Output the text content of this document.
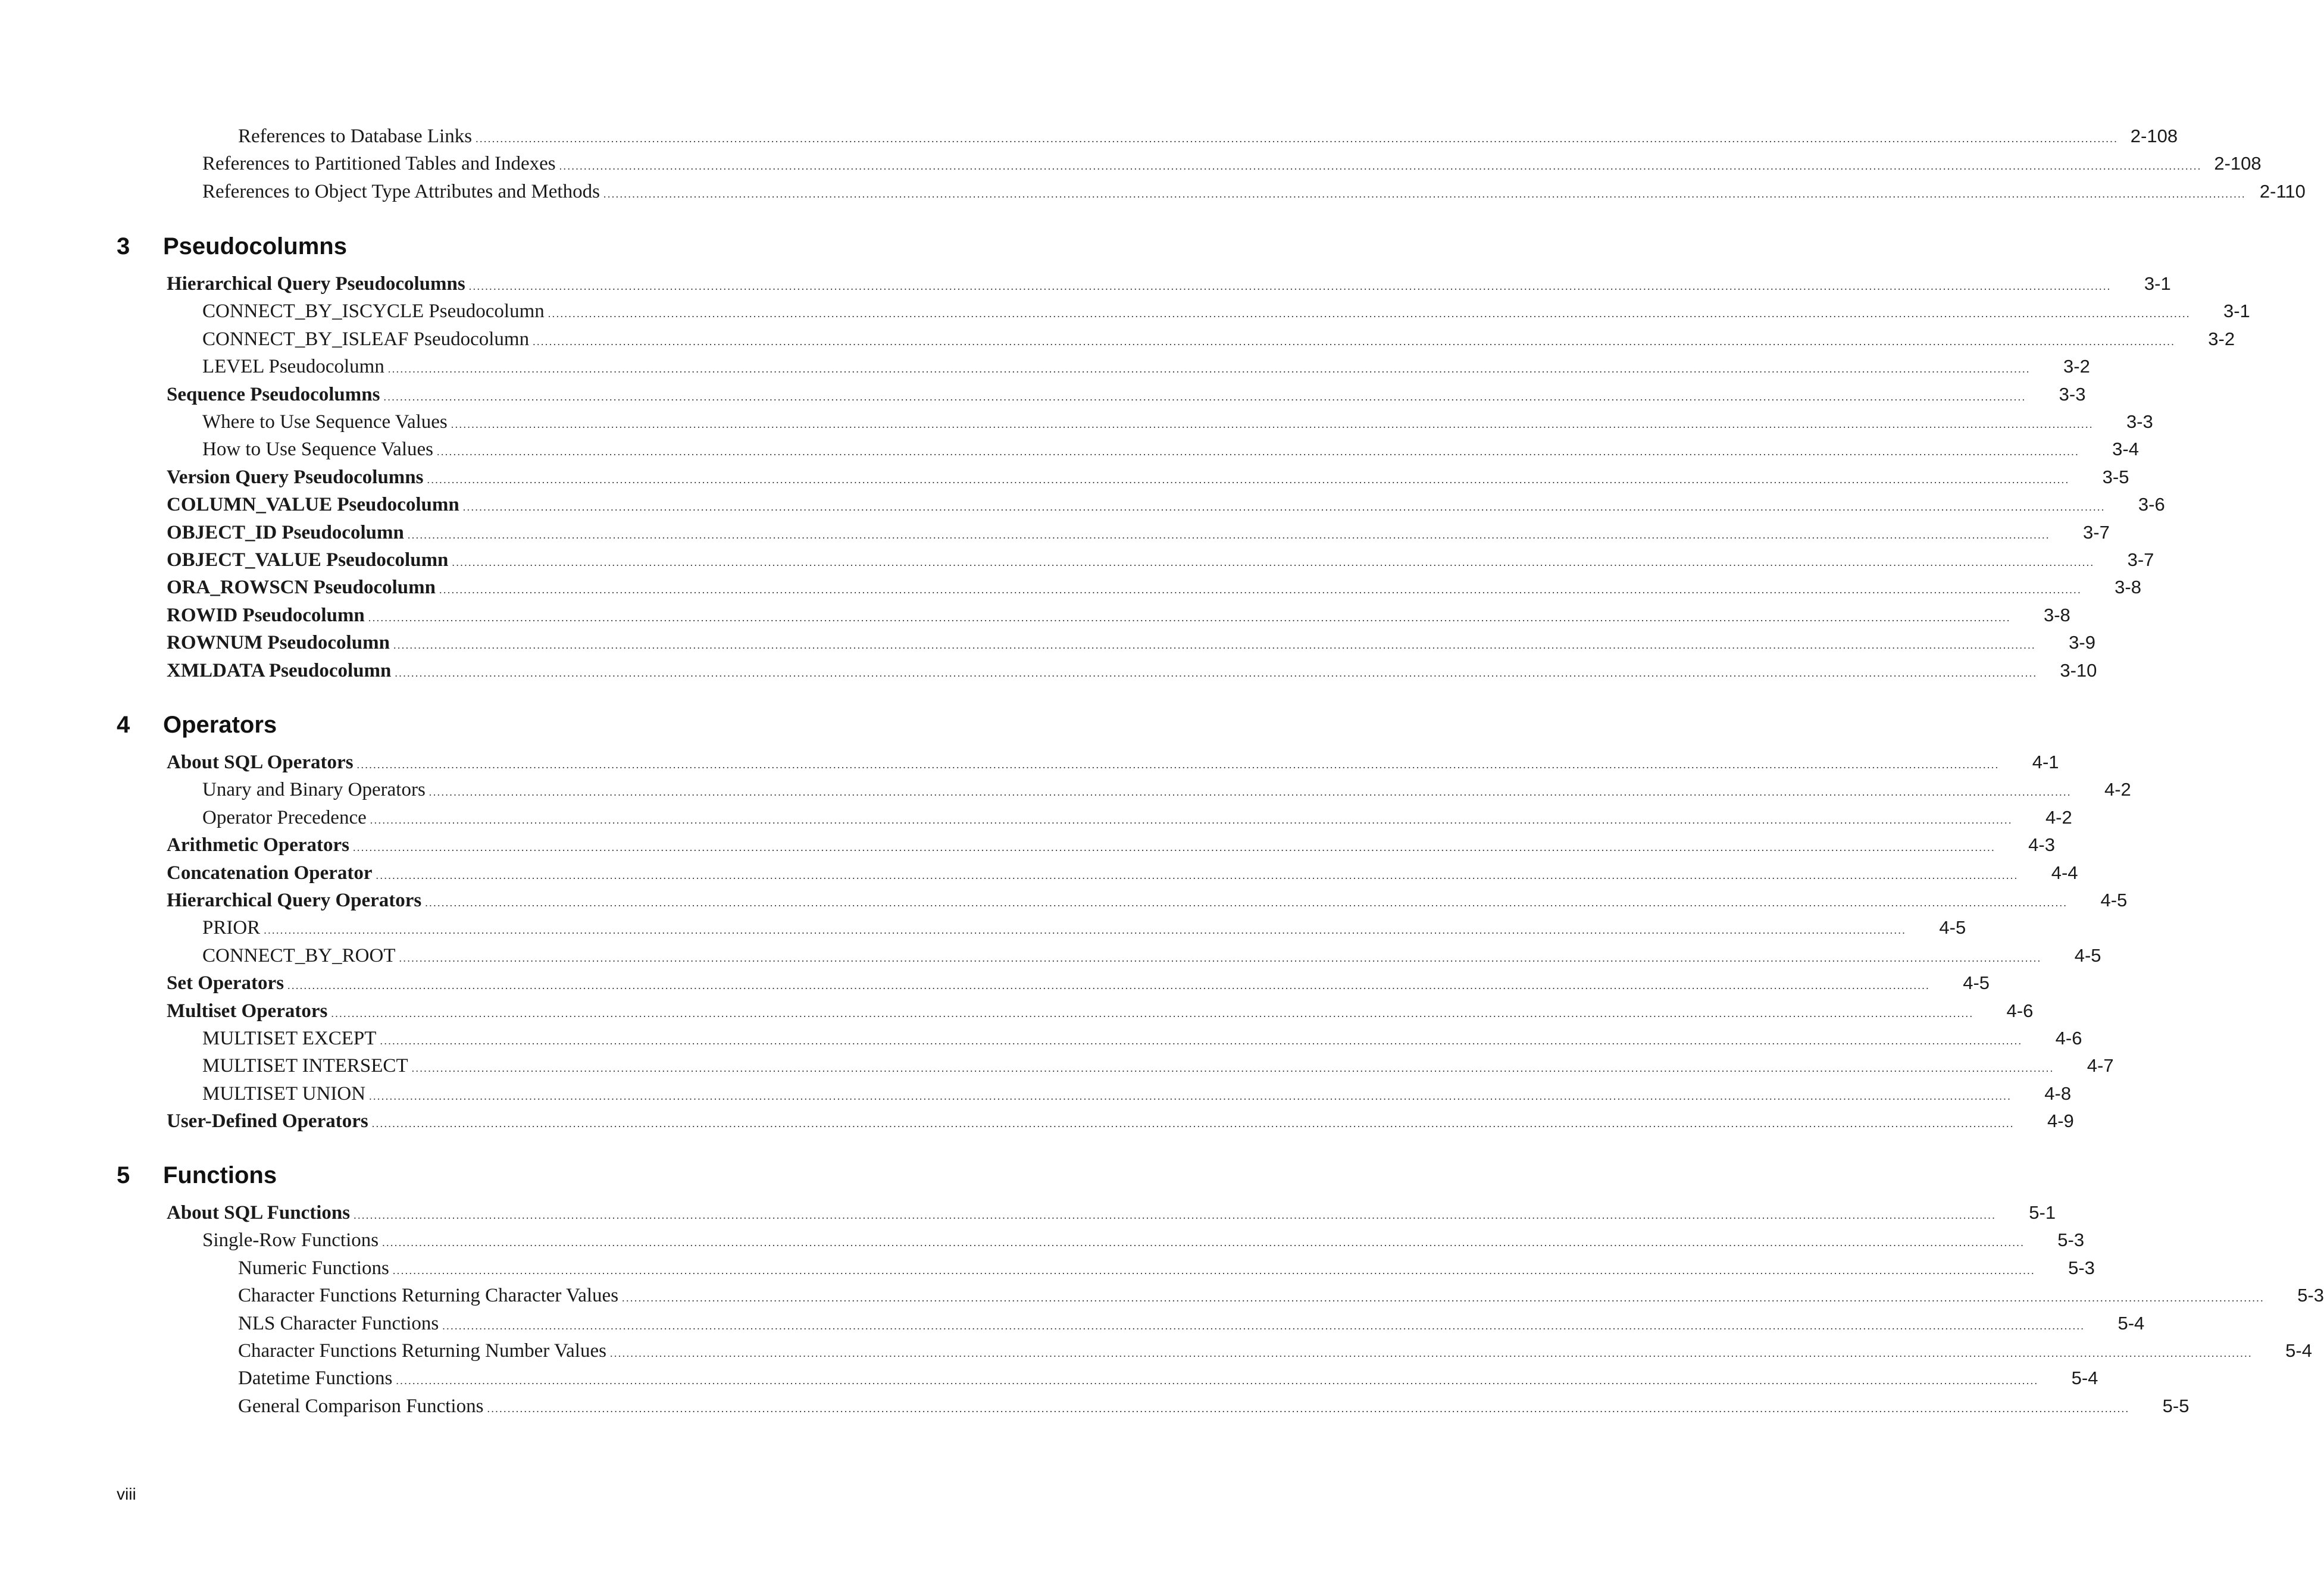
References to Database Links ................................................................................................................................................................................................................................................................................................................................................................................................................ 2-108
References to Partitioned Tables and Indexes ................................................................................................................................................................................................................................................................................................................................................................................................................ 2-108
References to Object Type Attributes and Methods ................................................................................................................................................................................................................................................................................................................................................................................................................ 2-110
3	Pseudocolumns
Hierarchical Query Pseudocolumns ................................................................................................................................................................................................................................................................................................................................................................................................................	3-1
CONNECT_BY_ISCYCLE Pseudocolumn ................................................................................................................................................................................................................................................................................................................................................................................................................	3-1
CONNECT_BY_ISLEAF Pseudocolumn ................................................................................................................................................................................................................................................................................................................................................................................................................	3-2
LEVEL Pseudocolumn ................................................................................................................................................................................................................................................................................................................................................................................................................	3-2
Sequence Pseudocolumns ................................................................................................................................................................................................................................................................................................................................................................................................................	3-3
Where to Use Sequence Values ................................................................................................................................................................................................................................................................................................................................................................................................................	3-3
How to Use Sequence Values ................................................................................................................................................................................................................................................................................................................................................................................................................	3-4
Version Query Pseudocolumns ................................................................................................................................................................................................................................................................................................................................................................................................................	3-5
COLUMN_VALUE Pseudocolumn ................................................................................................................................................................................................................................................................................................................................................................................................................	3-6
OBJECT_ID Pseudocolumn ................................................................................................................................................................................................................................................................................................................................................................................................................	3-7
OBJECT_VALUE Pseudocolumn ................................................................................................................................................................................................................................................................................................................................................................................................................	3-7
ORA_ROWSCN Pseudocolumn ................................................................................................................................................................................................................................................................................................................................................................................................................	3-8
ROWID Pseudocolumn ................................................................................................................................................................................................................................................................................................................................................................................................................	3-8
ROWNUM Pseudocolumn ................................................................................................................................................................................................................................................................................................................................................................................................................	3-9
XMLDATA Pseudocolumn ................................................................................................................................................................................................................................................................................................................................................................................................................	3-10
4	Operators
About SQL Operators ................................................................................................................................................................................................................................................................................................................................................................................................................	4-1
Unary and Binary Operators ................................................................................................................................................................................................................................................................................................................................................................................................................	4-2
Operator Precedence ................................................................................................................................................................................................................................................................................................................................................................................................................	4-2
Arithmetic Operators ................................................................................................................................................................................................................................................................................................................................................................................................................	4-3
Concatenation Operator ................................................................................................................................................................................................................................................................................................................................................................................................................	4-4
Hierarchical Query Operators ................................................................................................................................................................................................................................................................................................................................................................................................................	4-5
PRIOR ................................................................................................................................................................................................................................................................................................................................................................................................................	4-5
CONNECT_BY_ROOT ................................................................................................................................................................................................................................................................................................................................................................................................................	4-5
Set Operators ................................................................................................................................................................................................................................................................................................................................................................................................................	4-5
Multiset Operators ................................................................................................................................................................................................................................................................................................................................................................................................................	4-6
MULTISET EXCEPT ................................................................................................................................................................................................................................................................................................................................................................................................................	4-6
MULTISET INTERSECT ................................................................................................................................................................................................................................................................................................................................................................................................................	4-7
MULTISET UNION ................................................................................................................................................................................................................................................................................................................................................................................................................	4-8
User-Defined Operators ................................................................................................................................................................................................................................................................................................................................................................................................................	4-9
5	Functions
About SQL Functions ................................................................................................................................................................................................................................................................................................................................................................................................................	5-1
Single-Row Functions ................................................................................................................................................................................................................................................................................................................................................................................................................	5-3
Numeric Functions ................................................................................................................................................................................................................................................................................................................................................................................................................	5-3
Character Functions Returning Character Values ................................................................................................................................................................................................................................................................................................................................................................................................................	5-3
NLS Character Functions ................................................................................................................................................................................................................................................................................................................................................................................................................	5-4
Character Functions Returning Number Values ................................................................................................................................................................................................................................................................................................................................................................................................................	5-4
Datetime Functions ................................................................................................................................................................................................................................................................................................................................................................................................................	5-4
General Comparison Functions ................................................................................................................................................................................................................................................................................................................................................................................................................	5-5
viii
